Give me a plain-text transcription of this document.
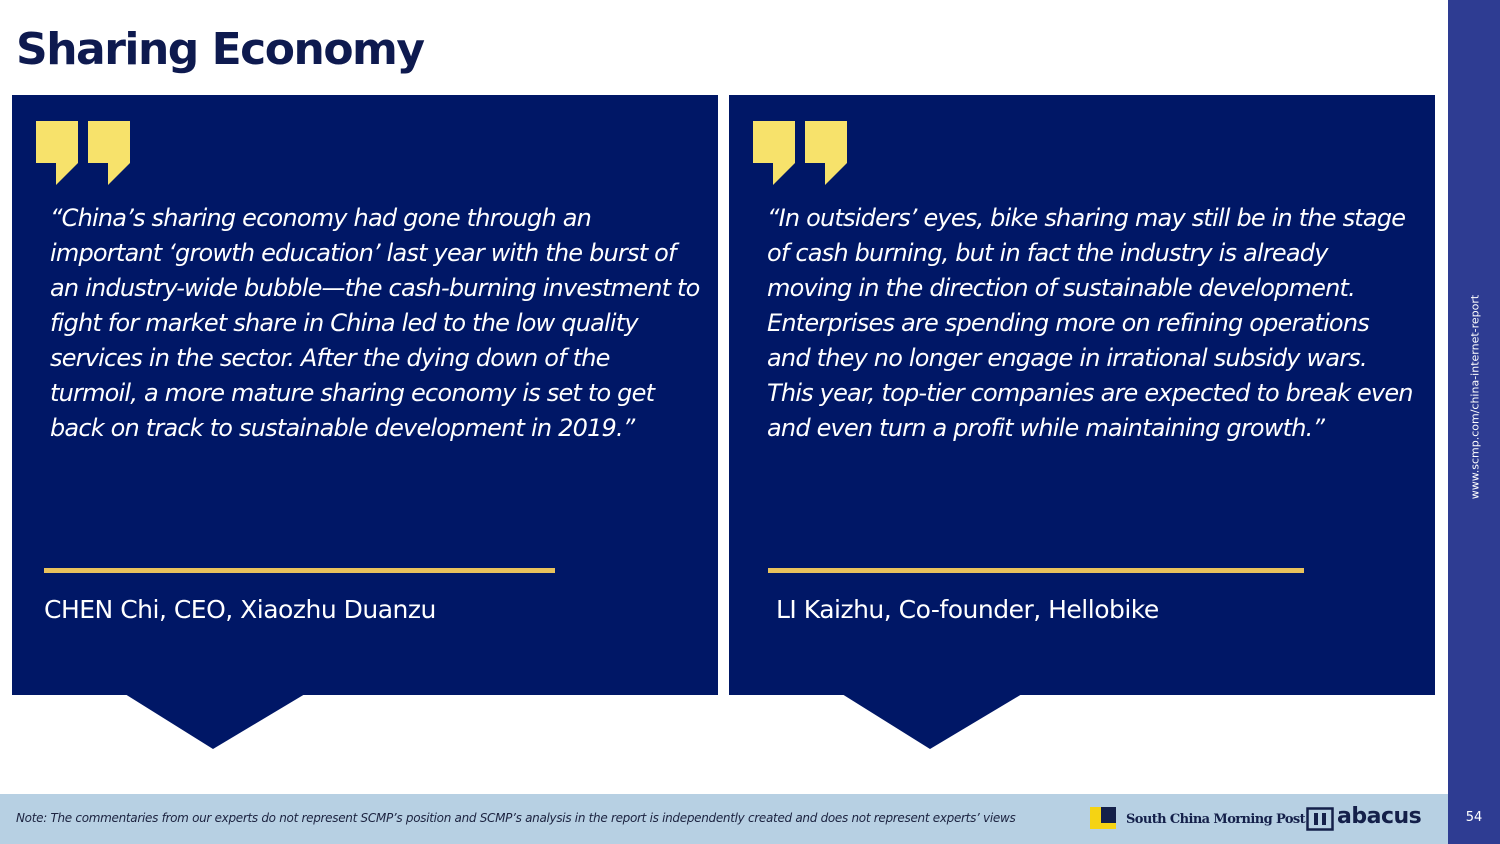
Sharing Economy

“China’s sharing economy had gone through an important ‘growth education’ last year with the burst of an industry-wide bubble—the cash-burning investment to fight for market share in China led to the low quality services in the sector. After the dying down of the turmoil, a more mature sharing economy is set to get back on track to sustainable development in 2019.”

CHEN Chi, CEO, Xiaozhu Duanzu

“In outsiders’ eyes, bike sharing may still be in the stage of cash burning, but in fact the industry is already moving in the direction of sustainable development. Enterprises are spending more on refining operations and they no longer engage in irrational subsidy wars. This year, top-tier companies are expected to break even and even turn a profit while maintaining growth.”

LI Kaizhu, Co-founder, Hellobike
www.scmp.com/china-internet-report
54
Note: The commentaries from our experts do not represent SCMP’s position and SCMP’s analysis in the report is independently created and does not represent experts’ views	South China Morning Post abacus
